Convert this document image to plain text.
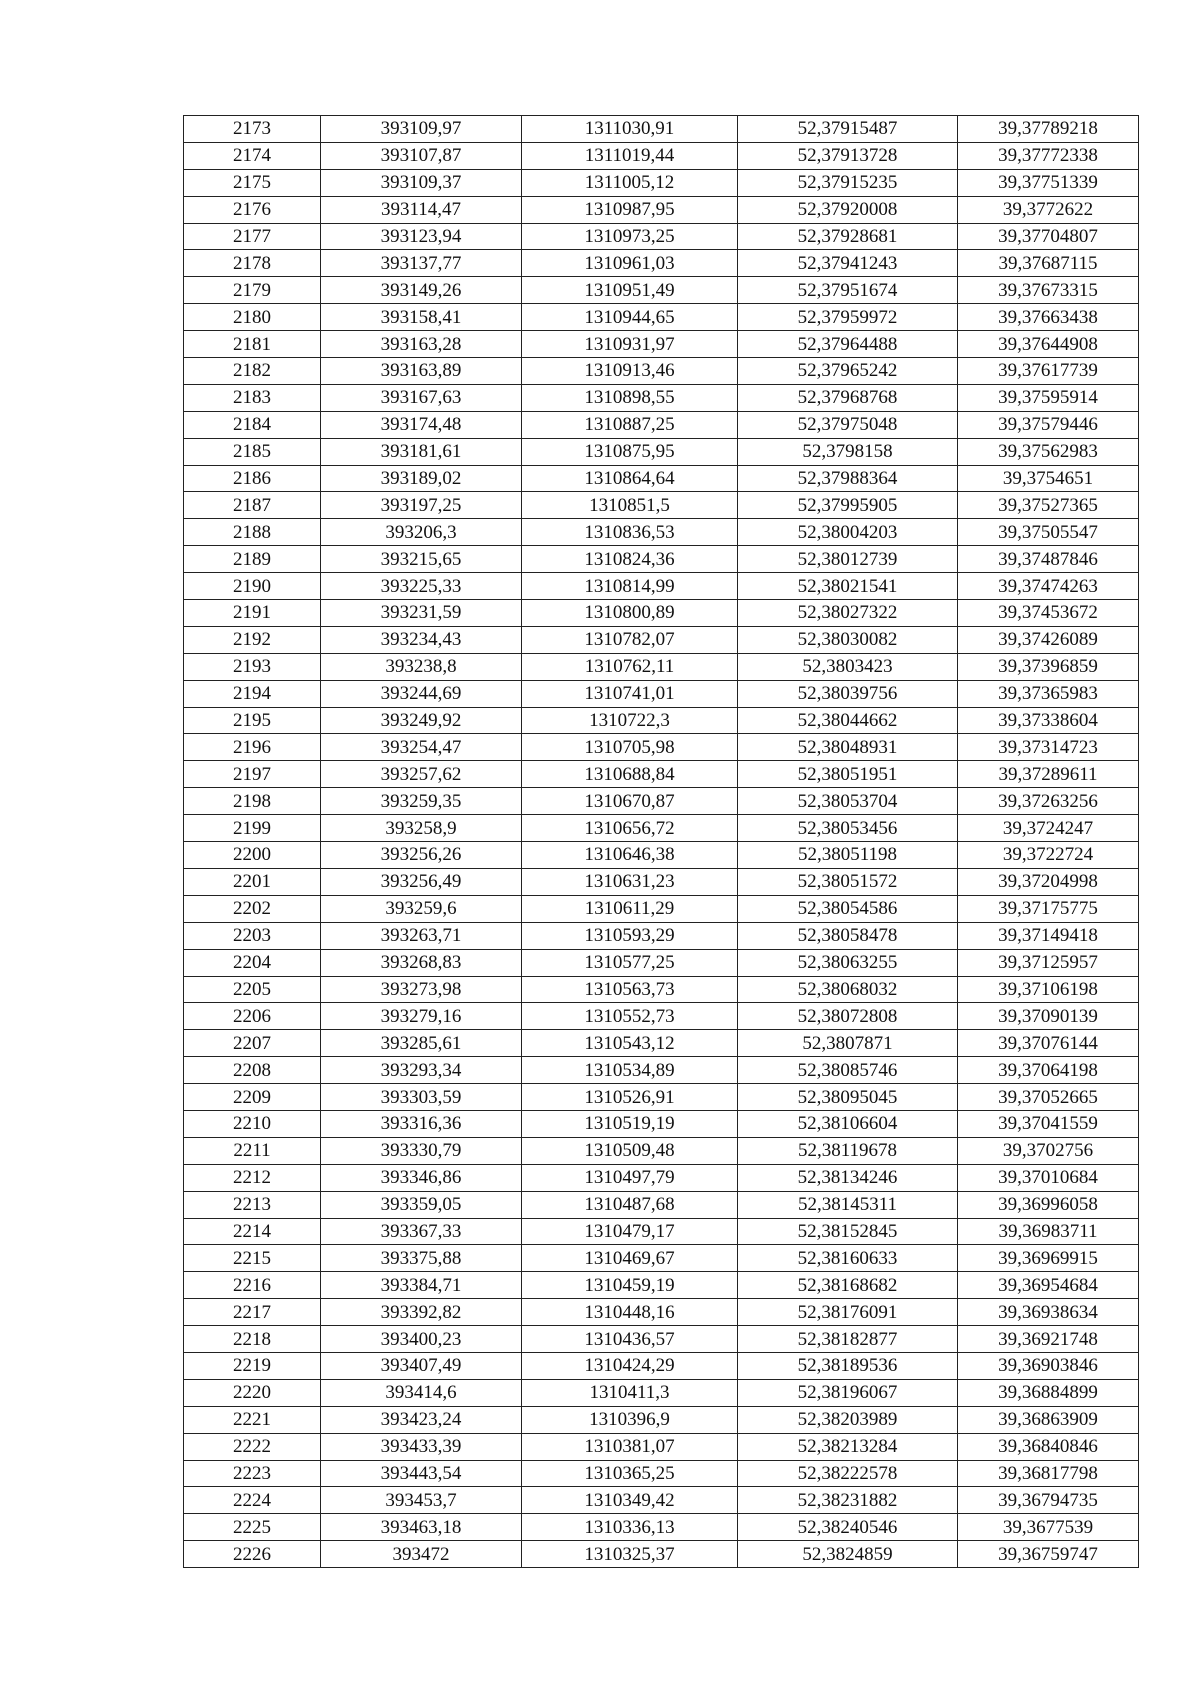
2173	393109,97	1311030,91	52,37915487	39,37789218
2174	393107,87	1311019,44	52,37913728	39,37772338
2175	393109,37	1311005,12	52,37915235	39,37751339
2176	393114,47	1310987,95	52,37920008	39,3772622
2177	393123,94	1310973,25	52,37928681	39,37704807
2178	393137,77	1310961,03	52,37941243	39,37687115
2179	393149,26	1310951,49	52,37951674	39,37673315
2180	393158,41	1310944,65	52,37959972	39,37663438
2181	393163,28	1310931,97	52,37964488	39,37644908
2182	393163,89	1310913,46	52,37965242	39,37617739
2183	393167,63	1310898,55	52,37968768	39,37595914
2184	393174,48	1310887,25	52,37975048	39,37579446
2185	393181,61	1310875,95	52,3798158	39,37562983
2186	393189,02	1310864,64	52,37988364	39,3754651
2187	393197,25	1310851,5	52,37995905	39,37527365
2188	393206,3	1310836,53	52,38004203	39,37505547
2189	393215,65	1310824,36	52,38012739	39,37487846
2190	393225,33	1310814,99	52,38021541	39,37474263
2191	393231,59	1310800,89	52,38027322	39,37453672
2192	393234,43	1310782,07	52,38030082	39,37426089
2193	393238,8	1310762,11	52,3803423	39,37396859
2194	393244,69	1310741,01	52,38039756	39,37365983
2195	393249,92	1310722,3	52,38044662	39,37338604
2196	393254,47	1310705,98	52,38048931	39,37314723
2197	393257,62	1310688,84	52,38051951	39,37289611
2198	393259,35	1310670,87	52,38053704	39,37263256
2199	393258,9	1310656,72	52,38053456	39,3724247
2200	393256,26	1310646,38	52,38051198	39,3722724
2201	393256,49	1310631,23	52,38051572	39,37204998
2202	393259,6	1310611,29	52,38054586	39,37175775
2203	393263,71	1310593,29	52,38058478	39,37149418
2204	393268,83	1310577,25	52,38063255	39,37125957
2205	393273,98	1310563,73	52,38068032	39,37106198
2206	393279,16	1310552,73	52,38072808	39,37090139
2207	393285,61	1310543,12	52,3807871	39,37076144
2208	393293,34	1310534,89	52,38085746	39,37064198
2209	393303,59	1310526,91	52,38095045	39,37052665
2210	393316,36	1310519,19	52,38106604	39,37041559
2211	393330,79	1310509,48	52,38119678	39,3702756
2212	393346,86	1310497,79	52,38134246	39,37010684
2213	393359,05	1310487,68	52,38145311	39,36996058
2214	393367,33	1310479,17	52,38152845	39,36983711
2215	393375,88	1310469,67	52,38160633	39,36969915
2216	393384,71	1310459,19	52,38168682	39,36954684
2217	393392,82	1310448,16	52,38176091	39,36938634
2218	393400,23	1310436,57	52,38182877	39,36921748
2219	393407,49	1310424,29	52,38189536	39,36903846
2220	393414,6	1310411,3	52,38196067	39,36884899
2221	393423,24	1310396,9	52,38203989	39,36863909
2222	393433,39	1310381,07	52,38213284	39,36840846
2223	393443,54	1310365,25	52,38222578	39,36817798
2224	393453,7	1310349,42	52,38231882	39,36794735
2225	393463,18	1310336,13	52,38240546	39,3677539
2226	393472	1310325,37	52,3824859	39,36759747
